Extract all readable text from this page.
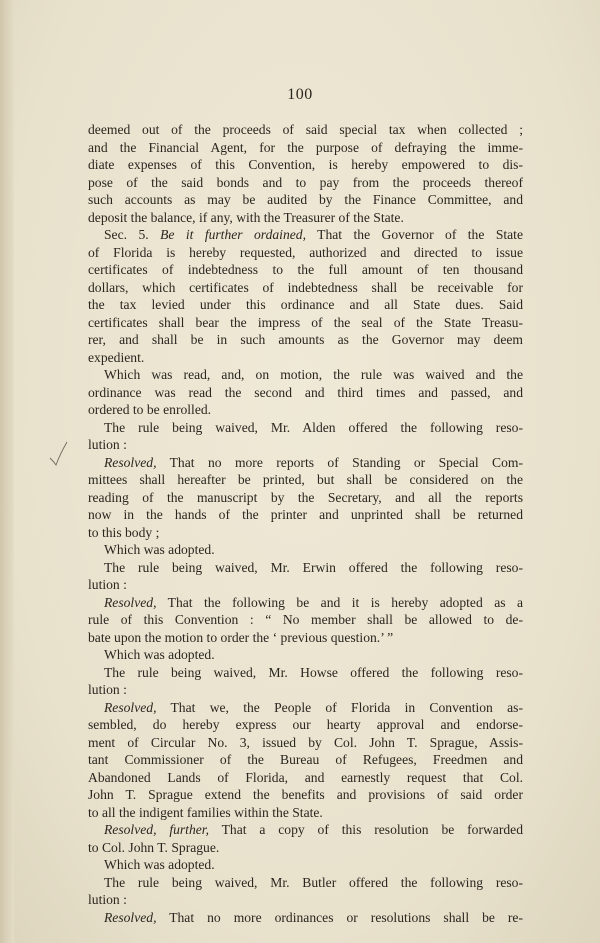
100
deemed out of the proceeds of said special tax when collected ;
and the Financial Agent, for the purpose of defraying the imme-
diate expenses of this Convention, is hereby empowered to dis-
pose of the said bonds and to pay from the proceeds thereof
such accounts as may be audited by the Finance Committee, and
deposit the balance, if any, with the Treasurer of the State.
Sec. 5. Be it further ordained, That the Governor of the State
of Florida is hereby requested, authorized and directed to issue
certificates of indebtedness to the full amount of ten thousand
dollars, which certificates of indebtedness shall be receivable for
the tax levied under this ordinance and all State dues. Said
certificates shall bear the impress of the seal of the State Treasu-
rer, and shall be in such amounts as the Governor may deem
expedient.
Which was read, and, on motion, the rule was waived and the
ordinance was read the second and third times and passed, and
ordered to be enrolled.
The rule being waived, Mr. Alden offered the following reso-
lution :
Resolved, That no more reports of Standing or Special Com-
mittees shall hereafter be printed, but shall be considered on the
reading of the manuscript by the Secretary, and all the reports
now in the hands of the printer and unprinted shall be returned
to this body ;
Which was adopted.
The rule being waived, Mr. Erwin offered the following reso-
lution :
Resolved, That the following be and it is hereby adopted as a
rule of this Convention : “ No member shall be allowed to de-
bate upon the motion to order the ‘ previous question.’ ”
Which was adopted.
The rule being waived, Mr. Howse offered the following reso-
lution :
Resolved, That we, the People of Florida in Convention as-
sembled, do hereby express our hearty approval and endorse-
ment of Circular No. 3, issued by Col. John T. Sprague, Assis-
tant Commissioner of the Bureau of Refugees, Freedmen and
Abandoned Lands of Florida, and earnestly request that Col.
John T. Sprague extend the benefits and provisions of said order
to all the indigent families within the State.
Resolved, further, That a copy of this resolution be forwarded
to Col. John T. Sprague.
Which was adopted.
The rule being waived, Mr. Butler offered the following reso-
lution :
Resolved, That no more ordinances or resolutions shall be re-
